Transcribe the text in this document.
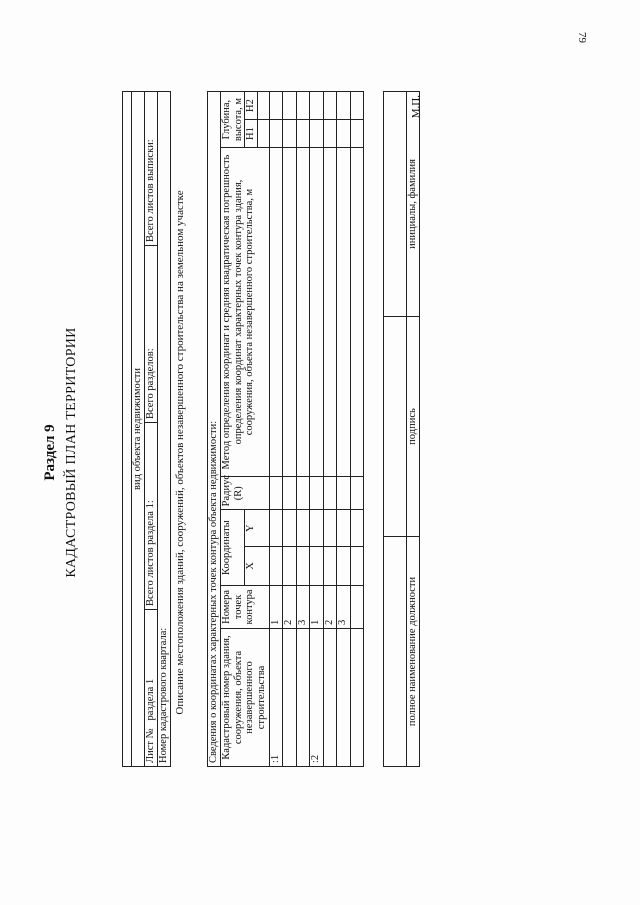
79
Раздел 9 КАДАСТРОВЫЙ ПЛАН ТЕРРИТОРИИ	вид объекта недвижимости
Лист №   раздела 1	Всего листов раздела 1:	Всего разделов:	Всего листов выписки:
Номер кадастрового квартала: Описание местоположения зданий, сооружений, объектов незавершенного строительства на земельном участке Сведения о координатах характерных точек контура объекта недвижимости:							
Кадастровый номер здания, сооружения, объекта незавершенного строительства	Номера точек контура	Координаты		Радиус (R)	Метод определения координат и средняя квадратическая погрешность определения координат характерных точек контура здания, сооружения, объекта незавершенного строительства, м	Глубина, высота, м	
		X	Y			Н1	Н2

:1	1						
	2						
	3						
:2	1						
	2						
	3						

			полное наименование должности	подпись	инициалы, фамилия
М.П.
